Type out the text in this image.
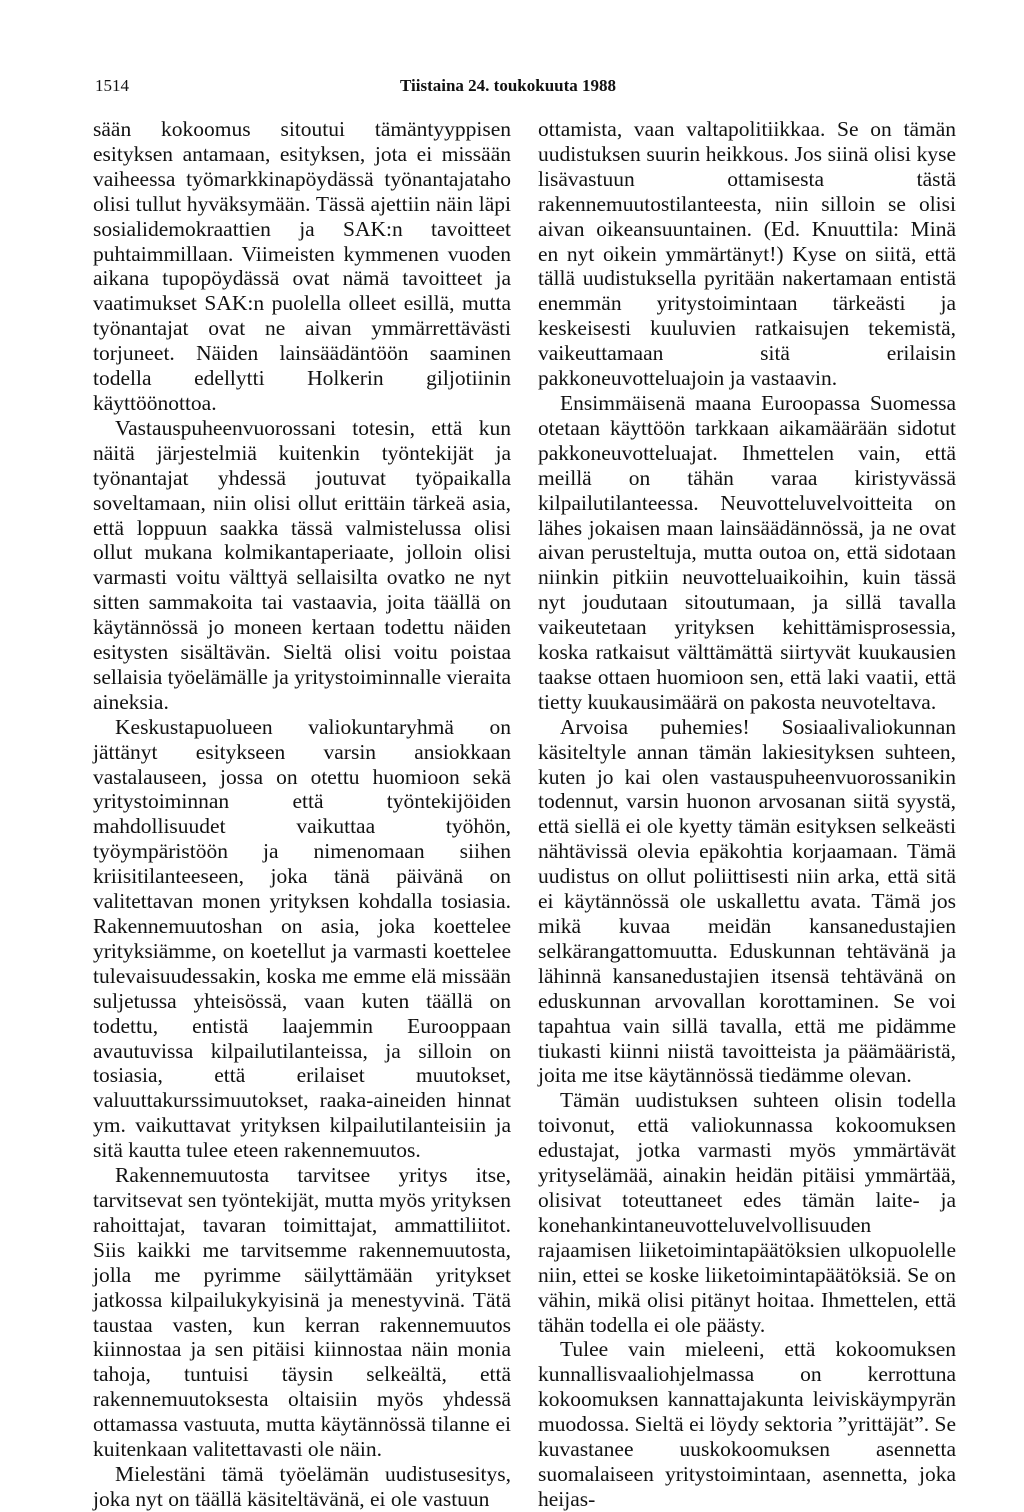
1514	Tiistaina 24. toukokuuta 1988

sään kokoomus sitoutui tämäntyyppisen esityksen antamaan, esityksen, jota ei missään vaiheessa työmarkkinapöydässä työnantajataho olisi tullut hyväksymään. Tässä ajettiin näin läpi sosialidemokraattien ja SAK:n tavoitteet puhtaimmillaan. Viimeisten kymmenen vuoden aikana tupopöydässä ovat nämä tavoitteet ja vaatimukset SAK:n puolella olleet esillä, mutta työnantajat ovat ne aivan ymmärrettävästi torjuneet. Näiden lainsäädäntöön saaminen todella edellytti Holkerin giljotiinin käyttöönottoa.

Vastauspuheenvuorossani totesin, että kun näitä järjestelmiä kuitenkin työntekijät ja työnantajat yhdessä joutuvat työpaikalla soveltamaan, niin olisi ollut erittäin tärkeä asia, että loppuun saakka tässä valmistelussa olisi ollut mukana kolmikantaperiaate, jolloin olisi varmasti voitu välttyä sellaisilta ovatko ne nyt sitten sammakoita tai vastaavia, joita täällä on käytännössä jo moneen kertaan todettu näiden esitysten sisältävän. Sieltä olisi voitu poistaa sellaisia työelämälle ja yritystoiminnalle vieraita aineksia.

Keskustapuolueen valiokuntaryhmä on jättänyt esitykseen varsin ansiokkaan vastalauseen, jossa on otettu huomioon sekä yritystoiminnan että työntekijöiden mahdollisuudet vaikuttaa työhön, työympäristöön ja nimenomaan siihen kriisitilanteeseen, joka tänä päivänä on valitettavan monen yrityksen kohdalla tosiasia. Rakennemuutoshan on asia, joka koettelee yrityksiämme, on koetellut ja varmasti koettelee tulevaisuudessakin, koska me emme elä missään suljetussa yhteisössä, vaan kuten täällä on todettu, entistä laajemmin Eurooppaan avautuvissa kilpailutilanteissa, ja silloin on tosiasia, että erilaiset muutokset, valuuttakurssimuutokset, raaka-aineiden hinnat ym. vaikuttavat yrityksen kilpailutilanteisiin ja sitä kautta tulee eteen rakennemuutos.

Rakennemuutosta tarvitsee yritys itse, tarvitsevat sen työntekijät, mutta myös yrityksen rahoittajat, tavaran toimittajat, ammattiliitot. Siis kaikki me tarvitsemme rakennemuutosta, jolla me pyrimme säilyttämään yritykset jatkossa kilpailukykyisinä ja menestyvinä. Tätä taustaa vasten, kun kerran rakennemuutos kiinnostaa ja sen pitäisi kiinnostaa näin monia tahoja, tuntuisi täysin selkeältä, että rakennemuutoksesta oltaisiin myös yhdessä ottamassa vastuuta, mutta käytännössä tilanne ei kuitenkaan valitettavasti ole näin.

Mielestäni tämä työelämän uudistusesitys, joka nyt on täällä käsiteltävänä, ei ole vastuun

ottamista, vaan valtapolitiikkaa. Se on tämän uudistuksen suurin heikkous. Jos siinä olisi kyse lisävastuun ottamisesta tästä rakennemuutostilanteesta, niin silloin se olisi aivan oikeansuuntainen. (Ed. Knuuttila: Minä en nyt oikein ymmärtänyt!) Kyse on siitä, että tällä uudistuksella pyritään nakertamaan entistä enemmän yritystoimintaan tärkeästi ja keskeisesti kuuluvien ratkaisujen tekemistä, vaikeuttamaan sitä erilaisin pakkoneuvotteluajoin ja vastaavin.

Ensimmäisenä maana Euroopassa Suomessa otetaan käyttöön tarkkaan aikamäärään sidotut pakkoneuvotteluajat. Ihmettelen vain, että meillä on tähän varaa kiristyvässä kilpailutilanteessa. Neuvotteluvelvoitteita on lähes jokaisen maan lainsäädännössä, ja ne ovat aivan perusteltuja, mutta outoa on, että sidotaan niinkin pitkiin neuvotteluaikoihin, kuin tässä nyt joudutaan sitoutumaan, ja sillä tavalla vaikeutetaan yrityksen kehittämisprosessia, koska ratkaisut välttämättä siirtyvät kuukausien taakse ottaen huomioon sen, että laki vaatii, että tietty kuukausimäärä on pakosta neuvoteltava.

Arvoisa puhemies! Sosiaalivaliokunnan käsiteltyle annan tämän lakiesityksen suhteen, kuten jo kai olen vastauspuheenvuorossanikin todennut, varsin huonon arvosanan siitä syystä, että siellä ei ole kyetty tämän esityksen selkeästi nähtävissä olevia epäkohtia korjaamaan. Tämä uudistus on ollut poliittisesti niin arka, että sitä ei käytännössä ole uskallettu avata. Tämä jos mikä kuvaa meidän kansanedustajien selkärangattomuutta. Eduskunnan tehtävänä ja lähinnä kansanedustajien itsensä tehtävänä on eduskunnan arvovallan korottaminen. Se voi tapahtua vain sillä tavalla, että me pidämme tiukasti kiinni niistä tavoitteista ja päämääristä, joita me itse käytännössä tiedämme olevan.

Tämän uudistuksen suhteen olisin todella toivonut, että valiokunnassa kokoomuksen edustajat, jotka varmasti myös ymmärtävät yrityselämää, ainakin heidän pitäisi ymmärtää, olisivat toteuttaneet edes tämän laite- ja konehankintaneuvotteluvelvollisuuden rajaamisen liiketoimintapäätöksien ulkopuolelle niin, ettei se koske liiketoimintapäätöksiä. Se on vähin, mikä olisi pitänyt hoitaa. Ihmettelen, että tähän todella ei ole päästy.

Tulee vain mieleeni, että kokoomuksen kunnallisvaaliohjelmassa on kerrottuna kokoomuksen kannattajakunta leiviskäympyrän muodossa. Sieltä ei löydy sektoria ”yrittäjät”. Se kuvastanee uuskokoomuksen asennetta suomalaiseen yritystoimintaan, asennetta, joka heijas-
